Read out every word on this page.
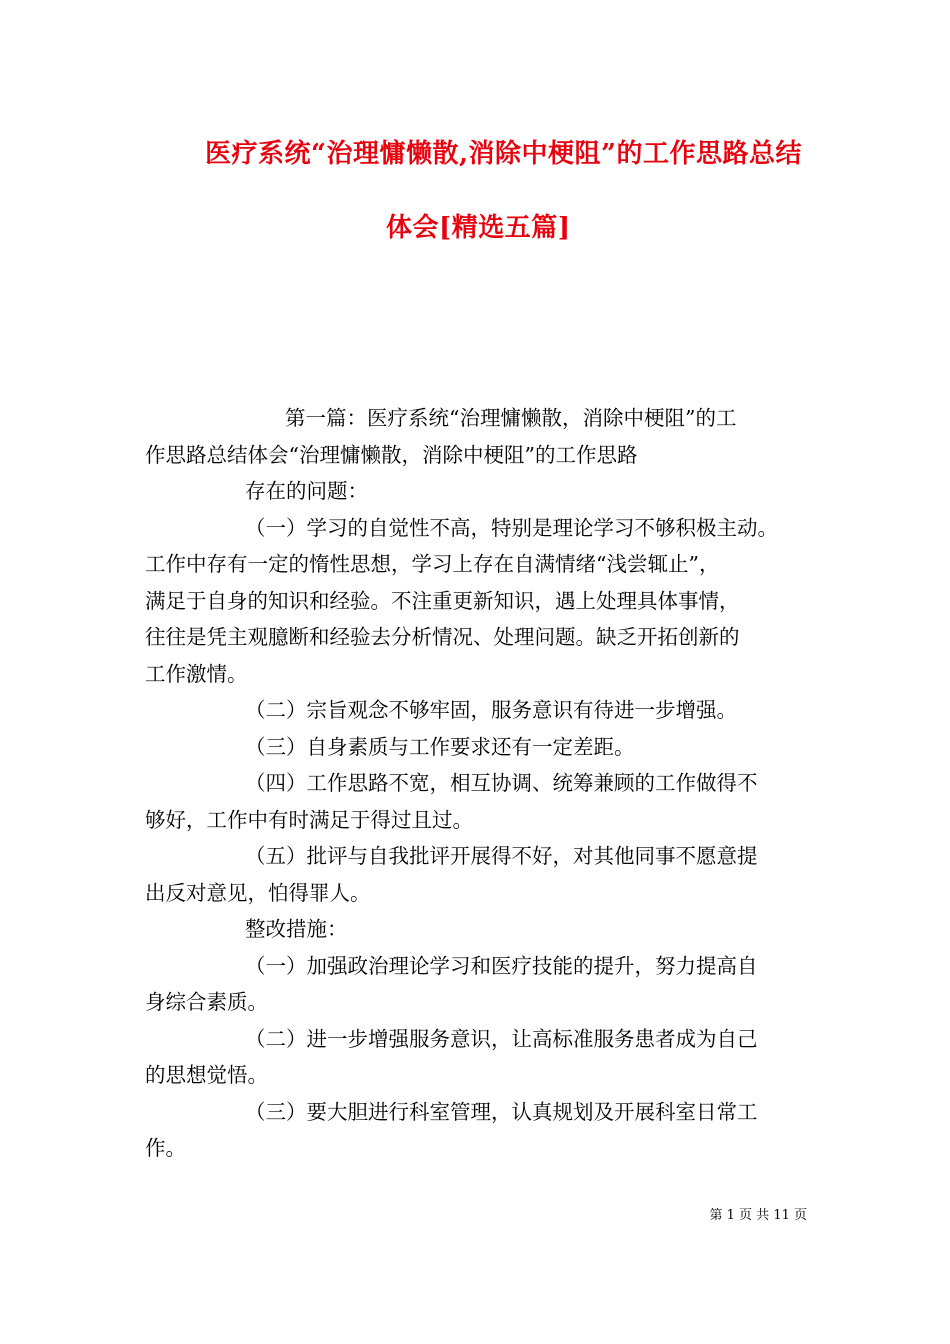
医疗系统“治理慵懒散,消除中梗阻”的工作思路总结
体会[精选五篇]
第一篇：医疗系统“治理慵懒散，消除中梗阻”的工
作思路总结体会“治理慵懒散，消除中梗阻”的工作思路
存在的问题：
（一）学习的自觉性不高，特别是理论学习不够积极主动。
工作中存有一定的惰性思想，学习上存在自满情绪“浅尝辄止”，
满足于自身的知识和经验。不注重更新知识，遇上处理具体事情，
往往是凭主观臆断和经验去分析情况、处理问题。缺乏开拓创新的
工作激情。
（二）宗旨观念不够牢固，服务意识有待进一步增强。
（三）自身素质与工作要求还有一定差距。
（四）工作思路不宽，相互协调、统筹兼顾的工作做得不
够好，工作中有时满足于得过且过。
（五）批评与自我批评开展得不好，对其他同事不愿意提
出反对意见，怕得罪人。
整改措施：
（一）加强政治理论学习和医疗技能的提升，努力提高自
身综合素质。
（二）进一步增强服务意识，让高标准服务患者成为自己
的思想觉悟。
（三）要大胆进行科室管理，认真规划及开展科室日常工
作。
第 1 页 共 11 页
